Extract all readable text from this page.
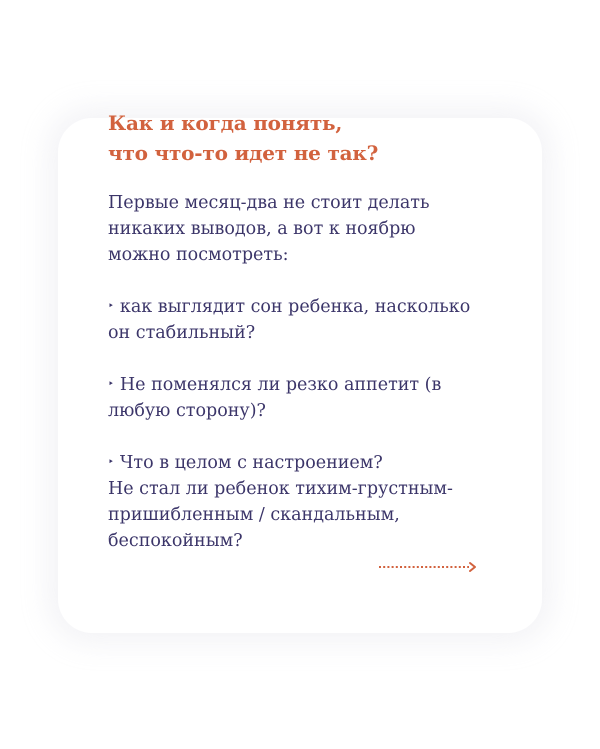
Как и когда понять,
что что-то идет не так?

Первые месяц-два не стоит делать
никаких выводов, а вот к ноябрю
можно посмотреть:

‣ как выглядит сон ребенка, насколько
он стабильный?

‣ Не поменялся ли резко аппетит (в
любую сторону)?

‣ Что в целом с настроением?
Не стал ли ребенок тихим-грустным-
пришибленным / скандальным,
беспокойным?
